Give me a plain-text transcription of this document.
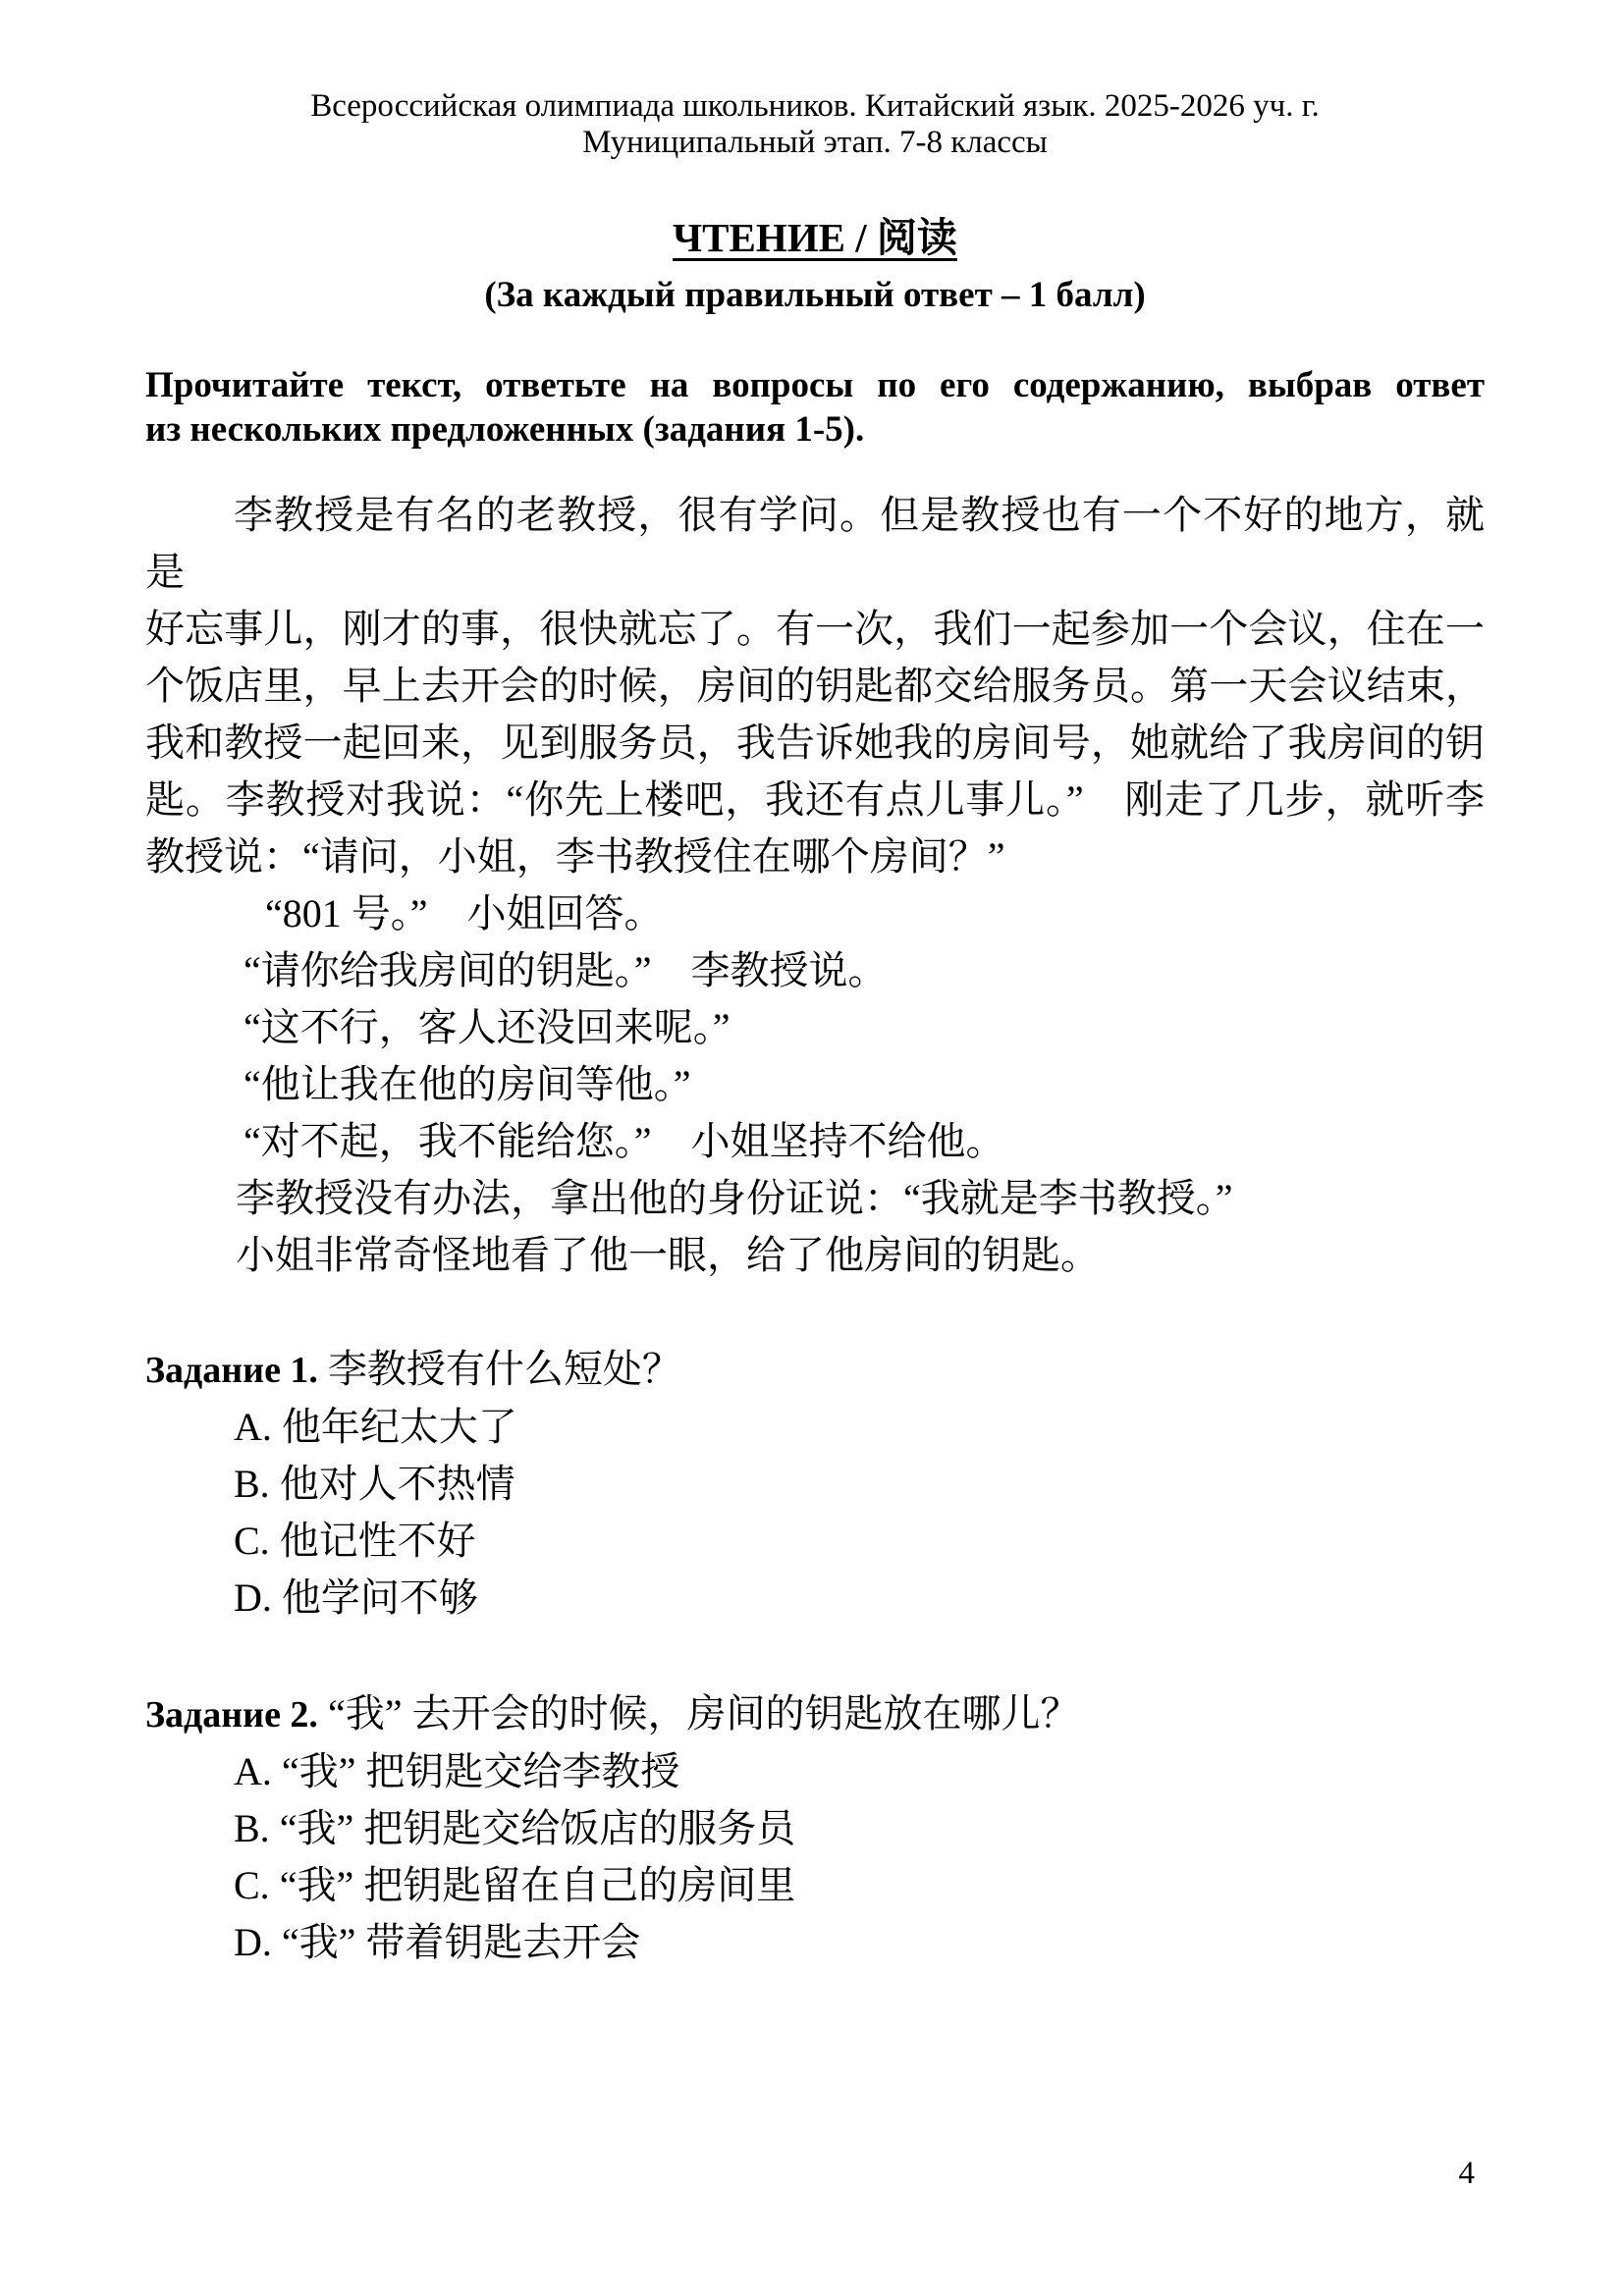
Всероссийская олимпиада школьников. Китайский язык. 2025-2026 уч. г.
Муниципальный этап. 7-8 классы
ЧТЕНИЕ / 阅读
(За каждый правильный ответ – 1 балл)
Прочитайте текст, ответьте на вопросы по его содержанию, выбрав ответ
из нескольких предложенных (задания 1-5).
李教授是有名的老教授，很有学问。但是教授也有一个不好的地方，就是
好忘事儿，刚才的事，很快就忘了。有一次，我们一起参加一个会议，住在一
个饭店里，早上去开会的时候，房间的钥匙都交给服务员。第一天会议结束，
我和教授一起回来，见到服务员，我告诉她我的房间号，她就给了我房间的钥
匙。李教授对我说：“你先上楼吧，我还有点儿事儿。”　刚走了几步，就听李
教授说：“请问，小姐，李书教授住在哪个房间？”
“801 号。”　小姐回答。
“请你给我房间的钥匙。”　李教授说。
“这不行，客人还没回来呢。”
“他让我在他的房间等他。”
“对不起，我不能给您。”　小姐坚持不给他。
李教授没有办法，拿出他的身份证说：“我就是李书教授。”
小姐非常奇怪地看了他一眼，给了他房间的钥匙。
Задание 1. 李教授有什么短处？
A. 他年纪太大了
B. 他对人不热情
C. 他记性不好
D. 他学问不够
Задание 2. “我” 去开会的时候，房间的钥匙放在哪儿？
A. “我” 把钥匙交给李教授
B. “我” 把钥匙交给饭店的服务员
C. “我” 把钥匙留在自己的房间里
D. “我” 带着钥匙去开会
4
